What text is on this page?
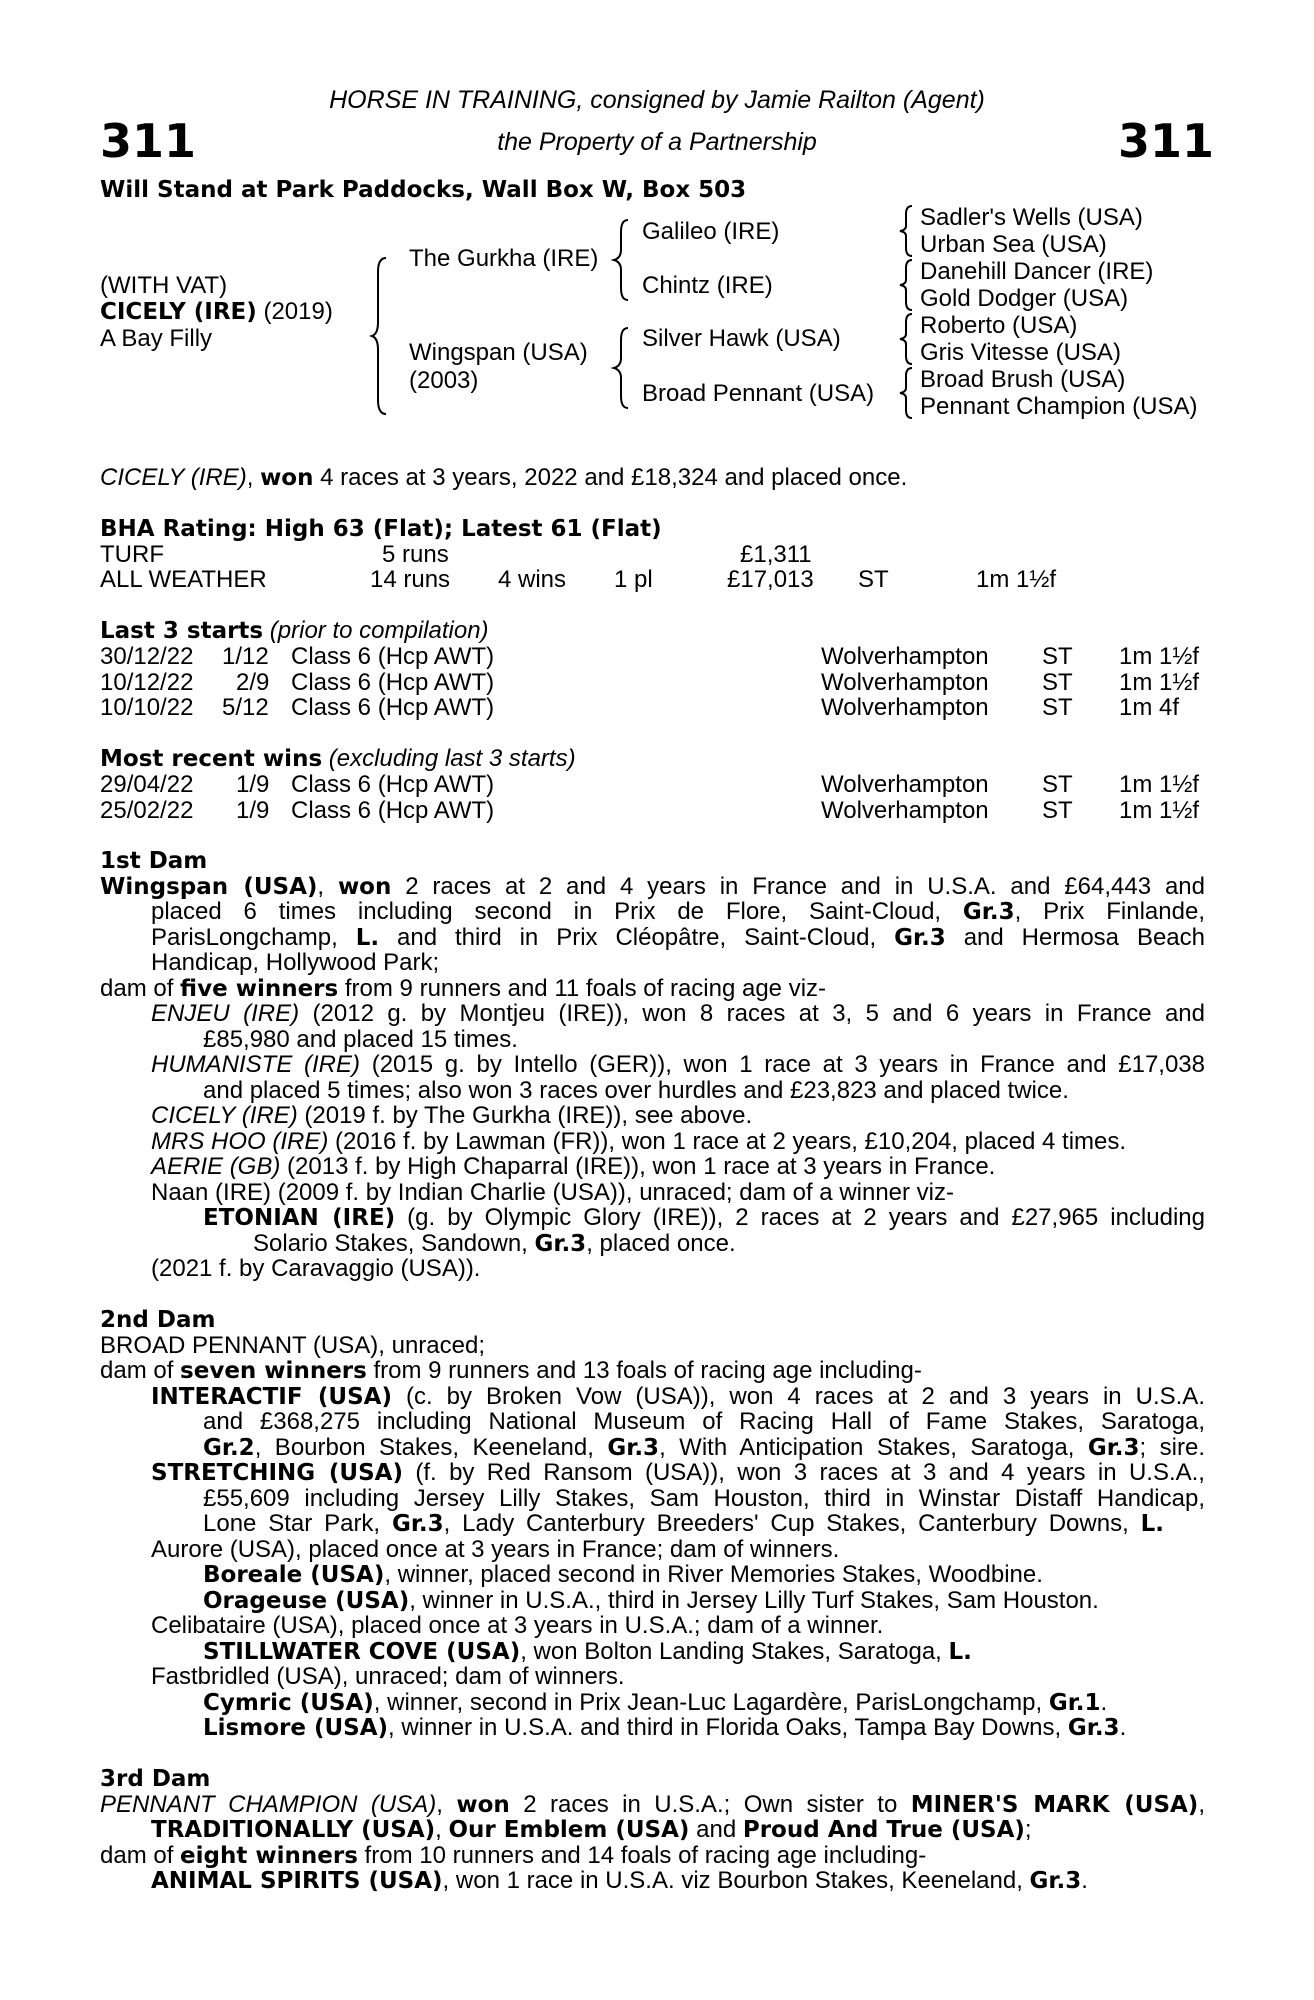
311	311
HORSE IN TRAINING, consigned by Jamie Railton (Agent)
the Property of a Partnership
Will Stand at Park Paddocks, Wall Box W, Box 503
(WITH VAT)
CICELY (IRE) (2019)
A Bay Filly
The Gurkha (IRE)
Wingspan (USA)
(2003)
Galileo (IRE)
Chintz (IRE)
Silver Hawk (USA)
Broad Pennant (USA)
Sadler's Wells (USA)
Urban Sea (USA)
Danehill Dancer (IRE)
Gold Dodger (USA)
Roberto (USA)
Gris Vitesse (USA)
Broad Brush (USA)
Pennant Champion (USA)
CICELY (IRE), won 4 races at 3 years, 2022 and £18,324 and placed once.
BHA Rating: High 63 (Flat); Latest 61 (Flat)
TURF	5 runs	£1,311
ALL WEATHER	14 runs 4 wins 1 pl	£17,013 ST	1m 1½f
Last 3 starts (prior to compilation)
30/12/22 1/12 Class 6 (Hcp AWT)	Wolverhampton ST 1m 1½f
10/12/22 2/9 Class 6 (Hcp AWT)	Wolverhampton ST 1m 1½f
10/10/22 5/12 Class 6 (Hcp AWT)	Wolverhampton ST 1m 4f
Most recent wins (excluding last 3 starts)
29/04/22 1/9 Class 6 (Hcp AWT)	Wolverhampton ST 1m 1½f
25/02/22 1/9 Class 6 (Hcp AWT)	Wolverhampton ST 1m 1½f
1st Dam
Wingspan (USA), won 2 races at 2 and 4 years in France and in U.S.A. and £64,443 and
placed 6 times including second in Prix de Flore, Saint-Cloud, Gr.3, Prix Finlande,
ParisLongchamp, L. and third in Prix Cléopâtre, Saint-Cloud, Gr.3 and Hermosa Beach
Handicap, Hollywood Park;
dam of five winners from 9 runners and 11 foals of racing age viz-
ENJEU (IRE) (2012 g. by Montjeu (IRE)), won 8 races at 3, 5 and 6 years in France and
£85,980 and placed 15 times.
HUMANISTE (IRE) (2015 g. by Intello (GER)), won 1 race at 3 years in France and £17,038
and placed 5 times; also won 3 races over hurdles and £23,823 and placed twice.
CICELY (IRE) (2019 f. by The Gurkha (IRE)), see above.
MRS HOO (IRE) (2016 f. by Lawman (FR)), won 1 race at 2 years, £10,204, placed 4 times.
AERIE (GB) (2013 f. by High Chaparral (IRE)), won 1 race at 3 years in France.
Naan (IRE) (2009 f. by Indian Charlie (USA)), unraced; dam of a winner viz-
ETONIAN (IRE) (g. by Olympic Glory (IRE)), 2 races at 2 years and £27,965 including
Solario Stakes, Sandown, Gr.3, placed once.
(2021 f. by Caravaggio (USA)).
2nd Dam
BROAD PENNANT (USA), unraced;
dam of seven winners from 9 runners and 13 foals of racing age including-
INTERACTIF (USA) (c. by Broken Vow (USA)), won 4 races at 2 and 3 years in U.S.A.
and £368,275 including National Museum of Racing Hall of Fame Stakes, Saratoga,
Gr.2, Bourbon Stakes, Keeneland, Gr.3, With Anticipation Stakes, Saratoga, Gr.3; sire.
STRETCHING (USA) (f. by Red Ransom (USA)), won 3 races at 3 and 4 years in U.S.A.,
£55,609 including Jersey Lilly Stakes, Sam Houston, third in Winstar Distaff Handicap,
Lone Star Park, Gr.3, Lady Canterbury Breeders' Cup Stakes, Canterbury Downs, L.
Aurore (USA), placed once at 3 years in France; dam of winners.
Boreale (USA), winner, placed second in River Memories Stakes, Woodbine.
Orageuse (USA), winner in U.S.A., third in Jersey Lilly Turf Stakes, Sam Houston.
Celibataire (USA), placed once at 3 years in U.S.A.; dam of a winner.
STILLWATER COVE (USA), won Bolton Landing Stakes, Saratoga, L.
Fastbridled (USA), unraced; dam of winners.
Cymric (USA), winner, second in Prix Jean-Luc Lagardère, ParisLongchamp, Gr.1.
Lismore (USA), winner in U.S.A. and third in Florida Oaks, Tampa Bay Downs, Gr.3.
3rd Dam
PENNANT CHAMPION (USA), won 2 races in U.S.A.; Own sister to MINER'S MARK (USA),
TRADITIONALLY (USA), Our Emblem (USA) and Proud And True (USA);
dam of eight winners from 10 runners and 14 foals of racing age including-
ANIMAL SPIRITS (USA), won 1 race in U.S.A. viz Bourbon Stakes, Keeneland, Gr.3.
